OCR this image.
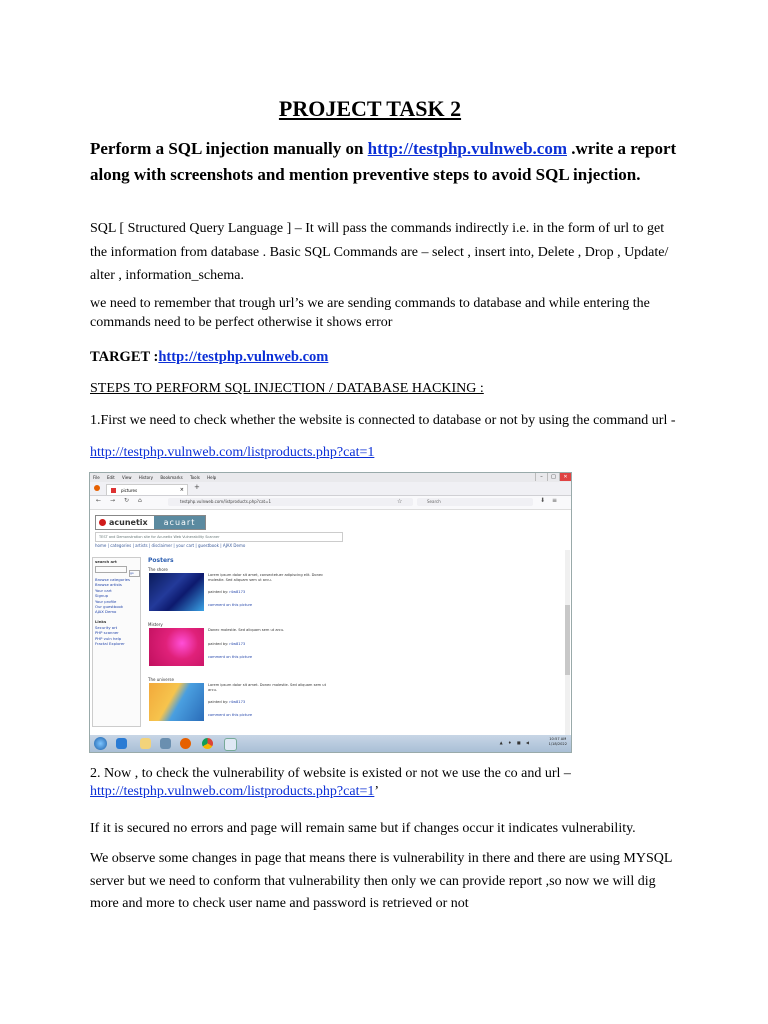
PROJECT TASK 2
Perform a SQL injection manually on http://testphp.vulnweb.com .write a report along with screenshots and mention preventive steps to avoid SQL injection.
SQL [ Structured Query Language ] – It will pass the commands indirectly i.e. in the form of url to get the information from database . Basic SQL Commands are – select , insert into, Delete , Drop , Update/ alter , information_schema.
we need to remember that trough url’s we are sending commands to database and while entering the commands need to be perfect otherwise it shows error
TARGET :http://testphp.vulnweb.com
STEPS TO PERFORM SQL INJECTION / DATABASE HACKING :
1.First we need to check whether the website is connected to database or not by using the command url -
http://testphp.vulnweb.com/listproducts.php?cat=1
File Edit View History Bookmarks Tools Help	–	□	✕
pictures	× +
← → ↻ ⌂	testphp.vulnweb.com/listproducts.php?cat=1	☆	Search	⬇ ≡
acunetix	acuart
TEST and Demonstration site for Acunetix Web Vulnerability Scanner
home | categories | artists | disclaimer | your cart | guestbook | AJAX Demo
search art
go
Browse categories
Browse artists
Your cart
Signup
Your profile
Our guestbook
AJAX Demo
Links
Security art
PHP scanner
PHP vuln help
Fractal Explorer
Posters
The shore
Lorem ipsum dolor sit amet, consectetuer adipiscing elit. Donec molestie. Sed aliquam sem ut arcu.
painted by: r4w8173
comment on this picture
Mistery
Donec molestie. Sed aliquam sem ut arcu.
painted by: r4w8173
comment on this picture
The universe
Lorem ipsum dolor sit amet. Donec molestie. Sed aliquam sem ut arcu.
painted by: r4w8173
comment on this picture
▲ ♦ ■ ◀
10:57 AM
1/18/2022
2. Now , to check the vulnerability of website is existed or not we use the co and url –
http://testphp.vulnweb.com/listproducts.php?cat=1’
If it is secured no errors and page will remain same but if changes occur it indicates vulnerability.
We observe some changes in page that means there is vulnerability in there and there are using MYSQL server but we need to conform that vulnerability then only we can provide report ,so now we will dig more and more to check user name and password is retrieved or not
